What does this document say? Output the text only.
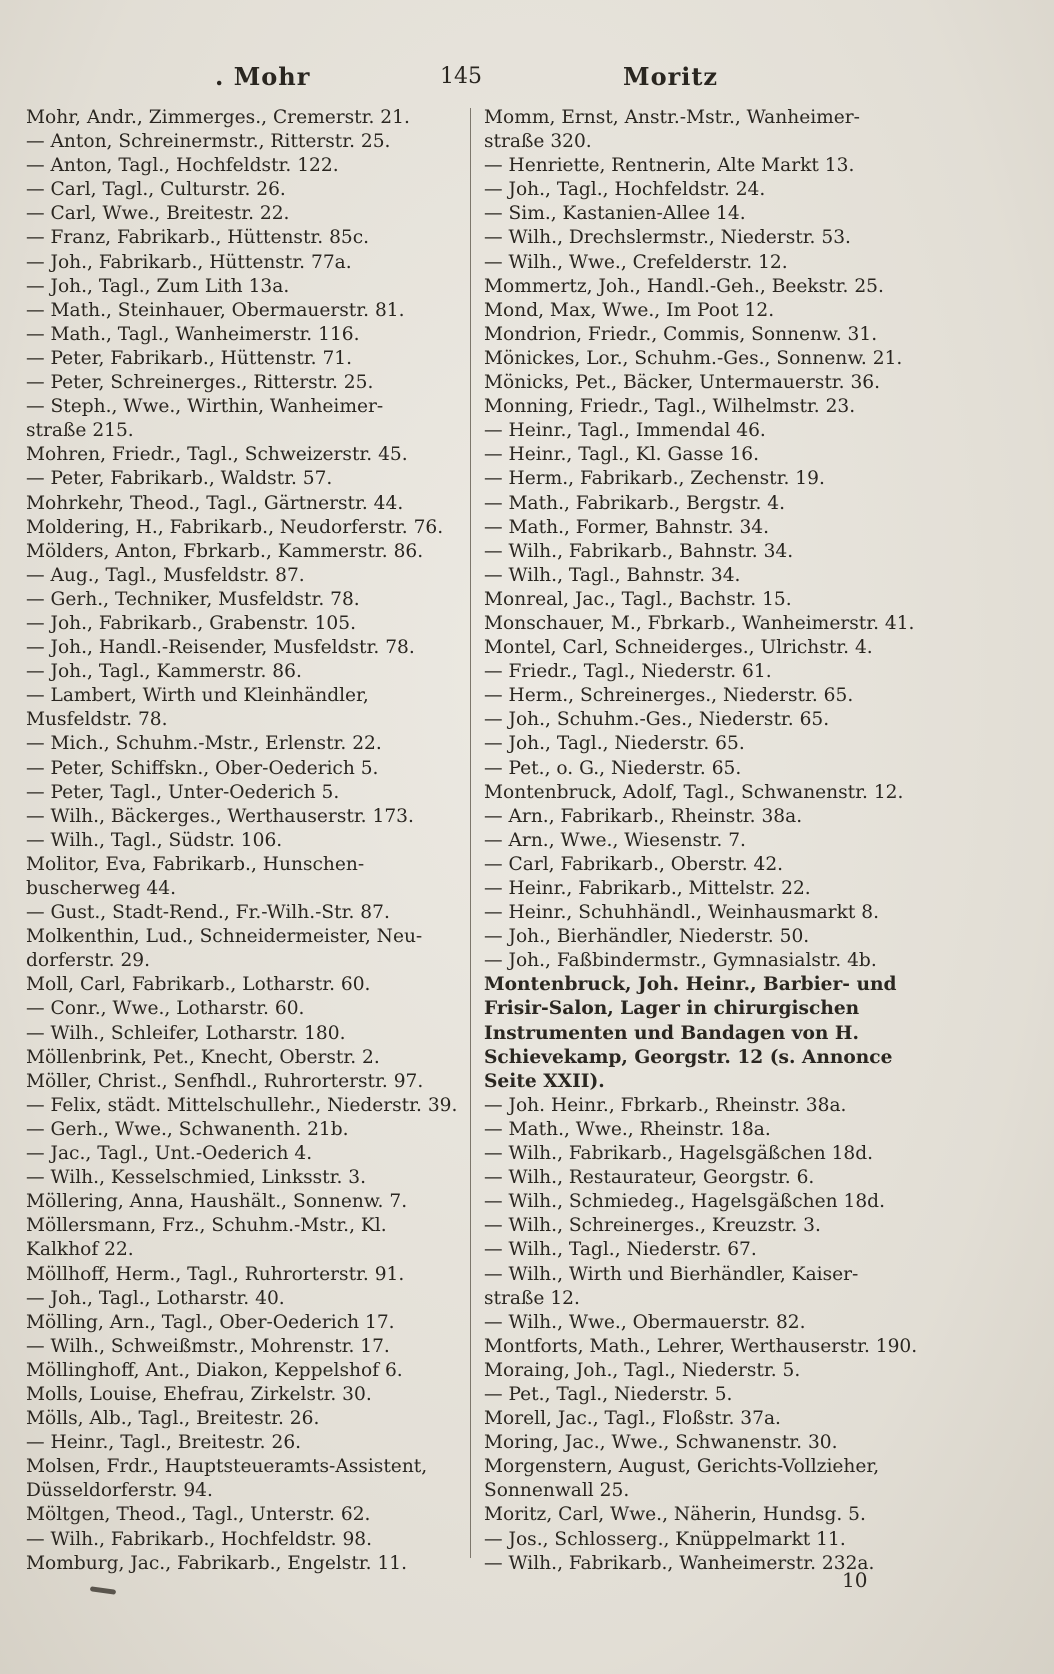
. Mohr	145	Moritz

Mohr, Andr., Zimmerges., Cremerstr. 21.

— Anton, Schreinermstr., Ritterstr. 25.

— Anton, Tagl., Hochfeldstr. 122.

— Carl, Tagl., Culturstr. 26.

— Carl, Wwe., Breitestr. 22.

— Franz, Fabrikarb., Hüttenstr. 85c.

— Joh., Fabrikarb., Hüttenstr. 77a.

— Joh., Tagl., Zum Lith 13a.

— Math., Steinhauer, Obermauerstr. 81.

— Math., Tagl., Wanheimerstr. 116.

— Peter, Fabrikarb., Hüttenstr. 71.

— Peter, Schreinerges., Ritterstr. 25.

— Steph., Wwe., Wirthin, Wanheimer-

straße 215.

Mohren, Friedr., Tagl., Schweizerstr. 45.

— Peter, Fabrikarb., Waldstr. 57.

Mohrkehr, Theod., Tagl., Gärtnerstr. 44.

Moldering, H., Fabrikarb., Neudorferstr. 76.

Mölders, Anton, Fbrkarb., Kammerstr. 86.

— Aug., Tagl., Musfeldstr. 87.

— Gerh., Techniker, Musfeldstr. 78.

— Joh., Fabrikarb., Grabenstr. 105.

— Joh., Handl.-Reisender, Musfeldstr. 78.

— Joh., Tagl., Kammerstr. 86.

— Lambert, Wirth und Kleinhändler,

Musfeldstr. 78.

— Mich., Schuhm.-Mstr., Erlenstr. 22.

— Peter, Schiffskn., Ober-Oederich 5.

— Peter, Tagl., Unter-Oederich 5.

— Wilh., Bäckerges., Werthauserstr. 173.

— Wilh., Tagl., Südstr. 106.

Molitor, Eva, Fabrikarb., Hunschen-

buscherweg 44.

— Gust., Stadt-Rend., Fr.-Wilh.-Str. 87.

Molkenthin, Lud., Schneidermeister, Neu-

dorferstr. 29.

Moll, Carl, Fabrikarb., Lotharstr. 60.

— Conr., Wwe., Lotharstr. 60.

— Wilh., Schleifer, Lotharstr. 180.

Möllenbrink, Pet., Knecht, Oberstr. 2.

Möller, Christ., Senfhdl., Ruhrorterstr. 97.

— Felix, städt. Mittelschullehr., Niederstr. 39.

— Gerh., Wwe., Schwanenth. 21b.

— Jac., Tagl., Unt.-Oederich 4.

— Wilh., Kesselschmied, Linksstr. 3.

Möllering, Anna, Haushält., Sonnenw. 7.

Möllersmann, Frz., Schuhm.-Mstr., Kl.

Kalkhof 22.

Möllhoff, Herm., Tagl., Ruhrorterstr. 91.

— Joh., Tagl., Lotharstr. 40.

Mölling, Arn., Tagl., Ober-Oederich 17.

— Wilh., Schweißmstr., Mohrenstr. 17.

Möllinghoff, Ant., Diakon, Keppelshof 6.

Molls, Louise, Ehefrau, Zirkelstr. 30.

Mölls, Alb., Tagl., Breitestr. 26.

— Heinr., Tagl., Breitestr. 26.

Molsen, Frdr., Hauptsteueramts-Assistent,

Düsseldorferstr. 94.

Möltgen, Theod., Tagl., Unterstr. 62.

— Wilh., Fabrikarb., Hochfeldstr. 98.

Momburg, Jac., Fabrikarb., Engelstr. 11.

Momm, Ernst, Anstr.-Mstr., Wanheimer-

straße 320.

— Henriette, Rentnerin, Alte Markt 13.

— Joh., Tagl., Hochfeldstr. 24.

— Sim., Kastanien-Allee 14.

— Wilh., Drechslermstr., Niederstr. 53.

— Wilh., Wwe., Crefelderstr. 12.

Mommertz, Joh., Handl.-Geh., Beekstr. 25.

Mond, Max, Wwe., Im Poot 12.

Mondrion, Friedr., Commis, Sonnenw. 31.

Mönickes, Lor., Schuhm.-Ges., Sonnenw. 21.

Mönicks, Pet., Bäcker, Untermauerstr. 36.

Monning, Friedr., Tagl., Wilhelmstr. 23.

— Heinr., Tagl., Immendal 46.

— Heinr., Tagl., Kl. Gasse 16.

— Herm., Fabrikarb., Zechenstr. 19.

— Math., Fabrikarb., Bergstr. 4.

— Math., Former, Bahnstr. 34.

— Wilh., Fabrikarb., Bahnstr. 34.

— Wilh., Tagl., Bahnstr. 34.

Monreal, Jac., Tagl., Bachstr. 15.

Monschauer, M., Fbrkarb., Wanheimerstr. 41.

Montel, Carl, Schneiderges., Ulrichstr. 4.

— Friedr., Tagl., Niederstr. 61.

— Herm., Schreinerges., Niederstr. 65.

— Joh., Schuhm.-Ges., Niederstr. 65.

— Joh., Tagl., Niederstr. 65.

— Pet., o. G., Niederstr. 65.

Montenbruck, Adolf, Tagl., Schwanenstr. 12.

— Arn., Fabrikarb., Rheinstr. 38a.

— Arn., Wwe., Wiesenstr. 7.

— Carl, Fabrikarb., Oberstr. 42.

— Heinr., Fabrikarb., Mittelstr. 22.

— Heinr., Schuhhändl., Weinhausmarkt 8.

— Joh., Bierhändler, Niederstr. 50.

— Joh., Faßbindermstr., Gymnasialstr. 4b.

Montenbruck, Joh. Heinr., Barbier- und

Frisir-Salon, Lager in chirurgischen

Instrumenten und Bandagen von H.

Schievekamp, Georgstr. 12 (s. Annonce

Seite XXII).

— Joh. Heinr., Fbrkarb., Rheinstr. 38a.

— Math., Wwe., Rheinstr. 18a.

— Wilh., Fabrikarb., Hagelsgäßchen 18d.

— Wilh., Restaurateur, Georgstr. 6.

— Wilh., Schmiedeg., Hagelsgäßchen 18d.

— Wilh., Schreinerges., Kreuzstr. 3.

— Wilh., Tagl., Niederstr. 67.

— Wilh., Wirth und Bierhändler, Kaiser-

straße 12.

— Wilh., Wwe., Obermauerstr. 82.

Montforts, Math., Lehrer, Werthauserstr. 190.

Moraing, Joh., Tagl., Niederstr. 5.

— Pet., Tagl., Niederstr. 5.

Morell, Jac., Tagl., Floßstr. 37a.

Moring, Jac., Wwe., Schwanenstr. 30.

Morgenstern, August, Gerichts-Vollzieher,

Sonnenwall 25.

Moritz, Carl, Wwe., Näherin, Hundsg. 5.

— Jos., Schlosserg., Knüppelmarkt 11.

— Wilh., Fabrikarb., Wanheimerstr. 232a.

10
